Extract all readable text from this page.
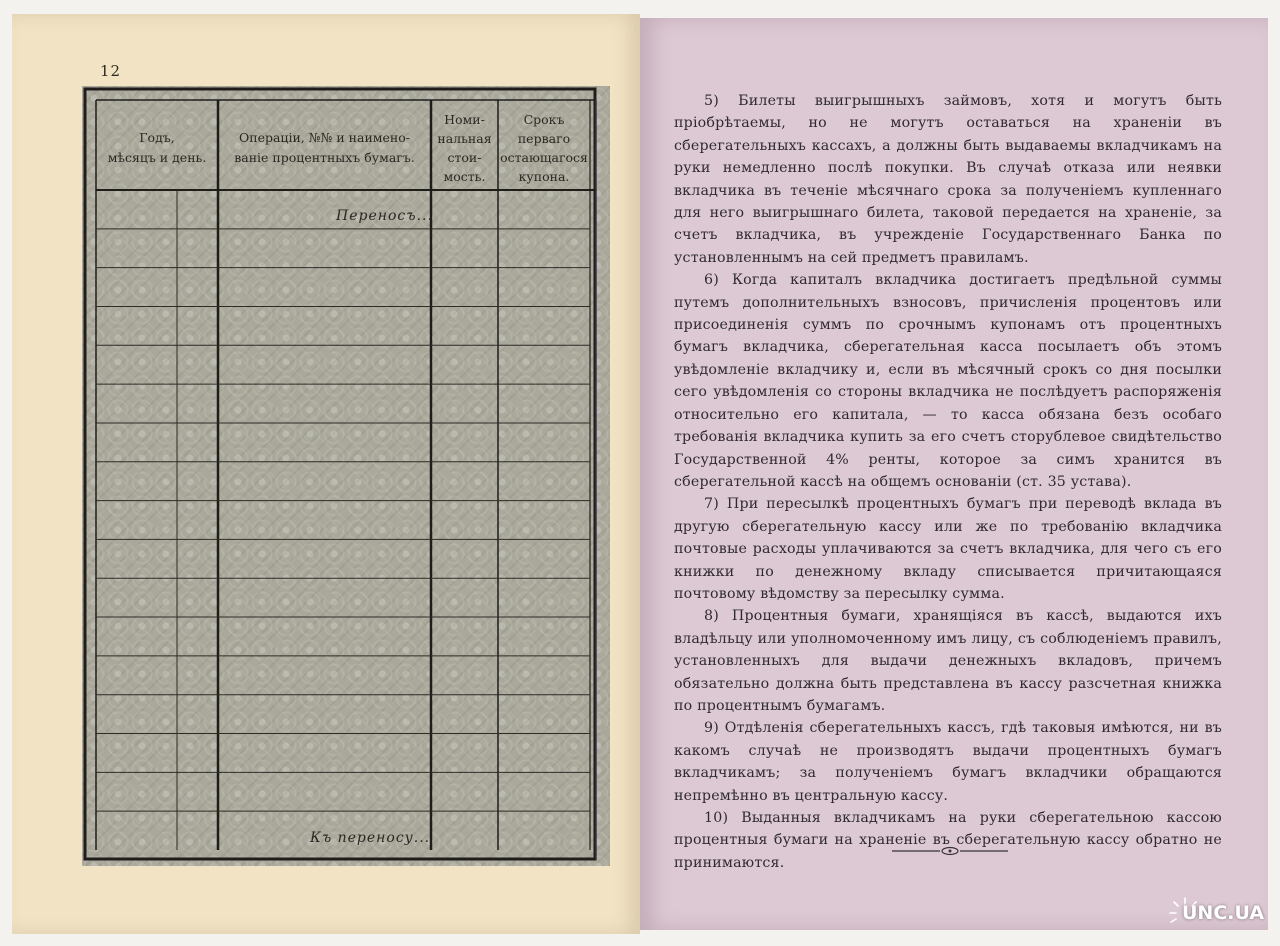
12
Годъ,
мѣсяцъ и день.
Операціи, №№ и наимено-
ваніе процентныхъ бумагъ.
Номи-
нальная
стои-
мость.
Срокъ
перваго
остающагося
купона.
Переносъ...
Къ переносу...

5) Билеты выигрышныхъ займовъ, хотя и могутъ быть пріобрѣтаемы, но не могутъ оставаться на храненіи въ сберегательныхъ кассахъ, а должны быть выдаваемы вкладчикамъ на руки немедленно послѣ покупки. Въ случаѣ отказа или неявки вкладчика въ теченіе мѣсячнаго срока за полученіемъ купленнаго для него выигрышнаго билета, таковой передается на храненіе, за счетъ вкладчика, въ учрежденіе Государственнаго Банка по установленнымъ на сей предметъ правиламъ.

6) Когда капиталъ вкладчика достигаетъ предѣльной суммы путемъ дополнительныхъ взносовъ, причисленія процентовъ или присоединенія суммъ по срочнымъ купонамъ отъ процентныхъ бумагъ вкладчика, сберегательная касса посылаетъ объ этомъ увѣдомленіе вкладчику и, если въ мѣсячный срокъ со дня посылки сего увѣдомленія со стороны вкладчика не послѣдуетъ распоряженія относительно его капитала, — то касса обязана безъ особаго требованія вкладчика купить за его счетъ сторублевое свидѣтельство Государственной 4% ренты, которое за симъ хранится въ сберегательной кассѣ на общемъ основаніи (ст. 35 устава).

7) При пересылкѣ процентныхъ бумагъ при переводѣ вклада въ другую сберегательную кассу или же по требованію вкладчика почтовые расходы уплачиваются за счетъ вкладчика, для чего съ его книжки по денежному вкладу списывается причитающаяся почтовому вѣдомству за пересылку сумма.

8) Процентныя бумаги, хранящіяся въ кассѣ, выдаются ихъ владѣльцу или уполномоченному имъ лицу, съ соблюденіемъ правилъ, установленныхъ для выдачи денежныхъ вкладовъ, причемъ обязательно должна быть представлена въ кассу разсчетная книжка по процентнымъ бумагамъ.

9) Отдѣленія сберегательныхъ кассъ, гдѣ таковыя имѣются, ни въ какомъ случаѣ не производятъ выдачи процентныхъ бумагъ вкладчикамъ; за полученіемъ бумагъ вкладчики обращаются непремѣнно въ центральную кассу.

10) Выданныя вкладчикамъ на руки сберегательною кассою процентныя бумаги на храненіе въ сберегательную кассу обратно не принимаются.

UNC.UA
